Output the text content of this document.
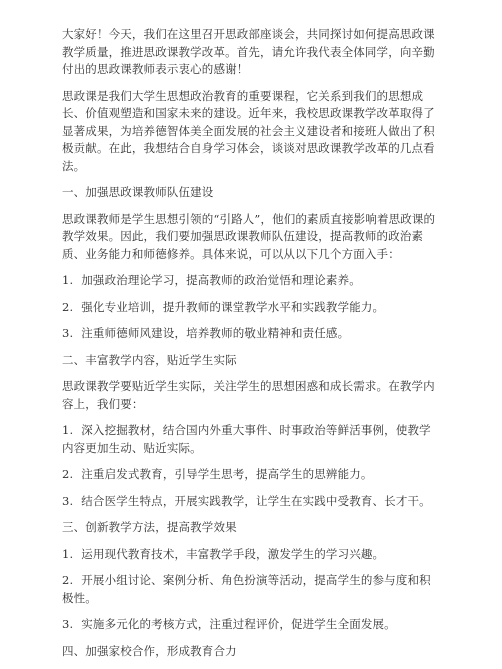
大家好！今天，我们在这里召开思政部座谈会，共同探讨如何提高思政课教学质量，推进思政课教学改革。首先，请允许我代表全体同学，向辛勤付出的思政课教师表示衷心的感谢！

思政课是我们大学生思想政治教育的重要课程，它关系到我们的思想成长、价值观塑造和国家未来的建设。近年来，我校思政课教学改革取得了显著成果，为培养德智体美全面发展的社会主义建设者和接班人做出了积极贡献。在此，我想结合自身学习体会，谈谈对思政课教学改革的几点看法。

一、加强思政课教师队伍建设

思政课教师是学生思想引领的“引路人”，他们的素质直接影响着思政课的教学效果。因此，我们要加强思政课教师队伍建设，提高教师的政治素质、业务能力和师德修养。具体来说，可以从以下几个方面入手：

1. 加强政治理论学习，提高教师的政治觉悟和理论素养。

2. 强化专业培训，提升教师的课堂教学水平和实践教学能力。

3. 注重师德师风建设，培养教师的敬业精神和责任感。

二、丰富教学内容，贴近学生实际

思政课教学要贴近学生实际，关注学生的思想困惑和成长需求。在教学内容上，我们要：

1. 深入挖掘教材，结合国内外重大事件、时事政治等鲜活事例，使教学内容更加生动、贴近实际。

2. 注重启发式教育，引导学生思考，提高学生的思辨能力。

3. 结合医学生特点，开展实践教学，让学生在实践中受教育、长才干。

三、创新教学方法，提高教学效果

1. 运用现代教育技术，丰富教学手段，激发学生的学习兴趣。

2. 开展小组讨论、案例分析、角色扮演等活动，提高学生的参与度和积极性。

3. 实施多元化的考核方式，注重过程评价，促进学生全面发展。

四、加强家校合作，形成教育合力
